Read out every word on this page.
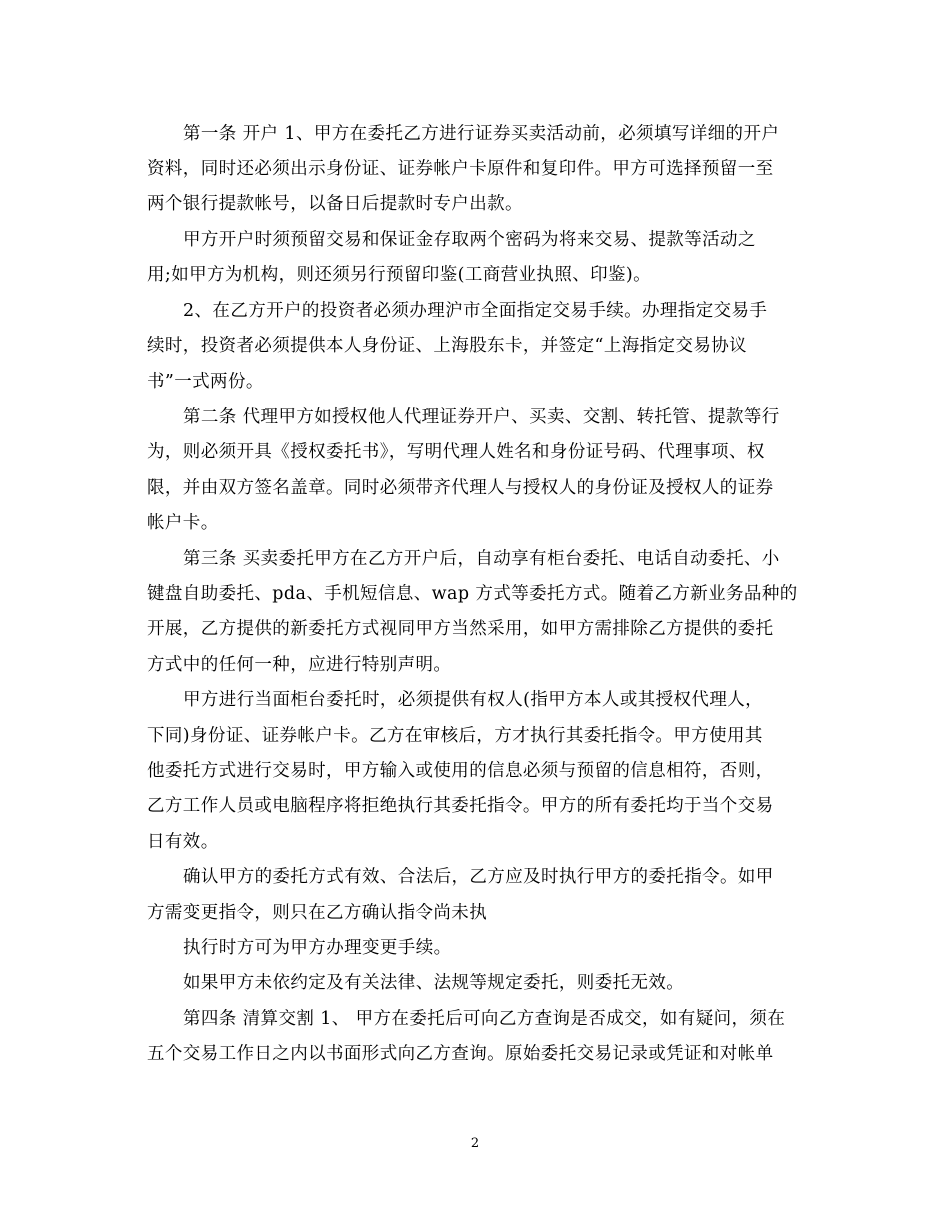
第一条 开户 1、甲方在委托乙方进行证券买卖活动前，必须填写详细的开户
资料，同时还必须出示身份证、证券帐户卡原件和复印件。甲方可选择预留一至
两个银行提款帐号，以备日后提款时专户出款。
甲方开户时须预留交易和保证金存取两个密码为将来交易、提款等活动之
用;如甲方为机构，则还须另行预留印鉴(工商营业执照、印鉴)。
2、在乙方开户的投资者必须办理沪市全面指定交易手续。办理指定交易手
续时，投资者必须提供本人身份证、上海股东卡，并签定“上海指定交易协议
书”一式两份。
第二条 代理甲方如授权他人代理证券开户、买卖、交割、转托管、提款等行
为，则必须开具《授权委托书》，写明代理人姓名和身份证号码、代理事项、权
限，并由双方签名盖章。同时必须带齐代理人与授权人的身份证及授权人的证券
帐户卡。
第三条 买卖委托甲方在乙方开户后，自动享有柜台委托、电话自动委托、小
键盘自助委托、pda、手机短信息、wap 方式等委托方式。随着乙方新业务品种的
开展，乙方提供的新委托方式视同甲方当然采用，如甲方需排除乙方提供的委托
方式中的任何一种，应进行特别声明。
甲方进行当面柜台委托时，必须提供有权人(指甲方本人或其授权代理人，
下同)身份证、证券帐户卡。乙方在审核后，方才执行其委托指令。甲方使用其
他委托方式进行交易时，甲方输入或使用的信息必须与预留的信息相符，否则，
乙方工作人员或电脑程序将拒绝执行其委托指令。甲方的所有委托均于当个交易
日有效。
确认甲方的委托方式有效、合法后，乙方应及时执行甲方的委托指令。如甲
方需变更指令，则只在乙方确认指令尚未执
执行时方可为甲方办理变更手续。
如果甲方未依约定及有关法律、法规等规定委托，则委托无效。
第四条 清算交割 1、 甲方在委托后可向乙方查询是否成交，如有疑问，须在
五个交易工作日之内以书面形式向乙方查询。原始委托交易记录或凭证和对帐单
2
